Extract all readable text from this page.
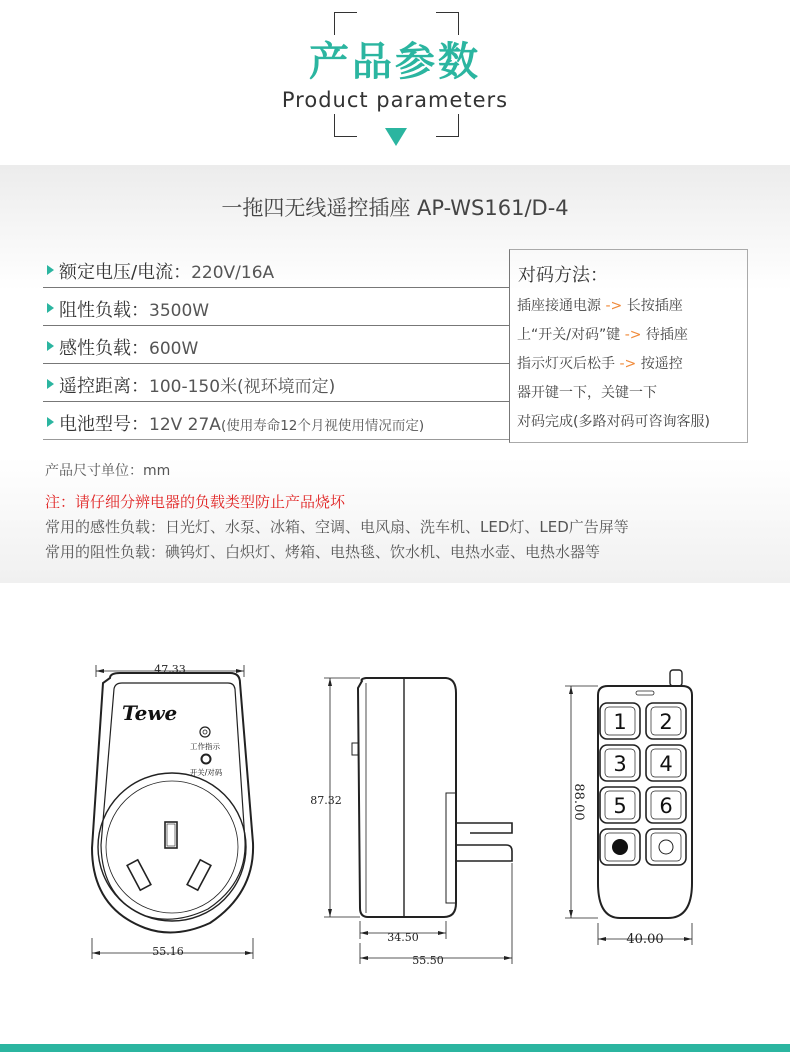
产品参数
Product parameters
一拖四无线遥控插座 AP-WS161/D-4
额定电压/电流：220V/16A
阻性负载：3500W
感性负载：600W
遥控距离：100-150米(视环境而定)
电池型号：12V 27A(使用寿命12个月视使用情况而定)
对码方法：
插座接通电源 -> 长按插座
上“开关/对码”键 -> 待插座
指示灯灭后松手 -> 按遥控
器开键一下，关键一下
对码完成(多路对码可咨询客服)
产品尺寸单位：mm
注：请仔细分辨电器的负载类型防止产品烧坏
常用的感性负载：日光灯、水泵、冰箱、空调、电风扇、洗车机、LED灯、LED广告屏等
常用的阻性负载：碘钨灯、白炽灯、烤箱、电热毯、饮水机、电热水壶、电热水器等
Tewe
工作指示
开关/对码
47.33
55.16
87.32
34.50
55.50
88.00
40.00
1 2
3 4
5 6
